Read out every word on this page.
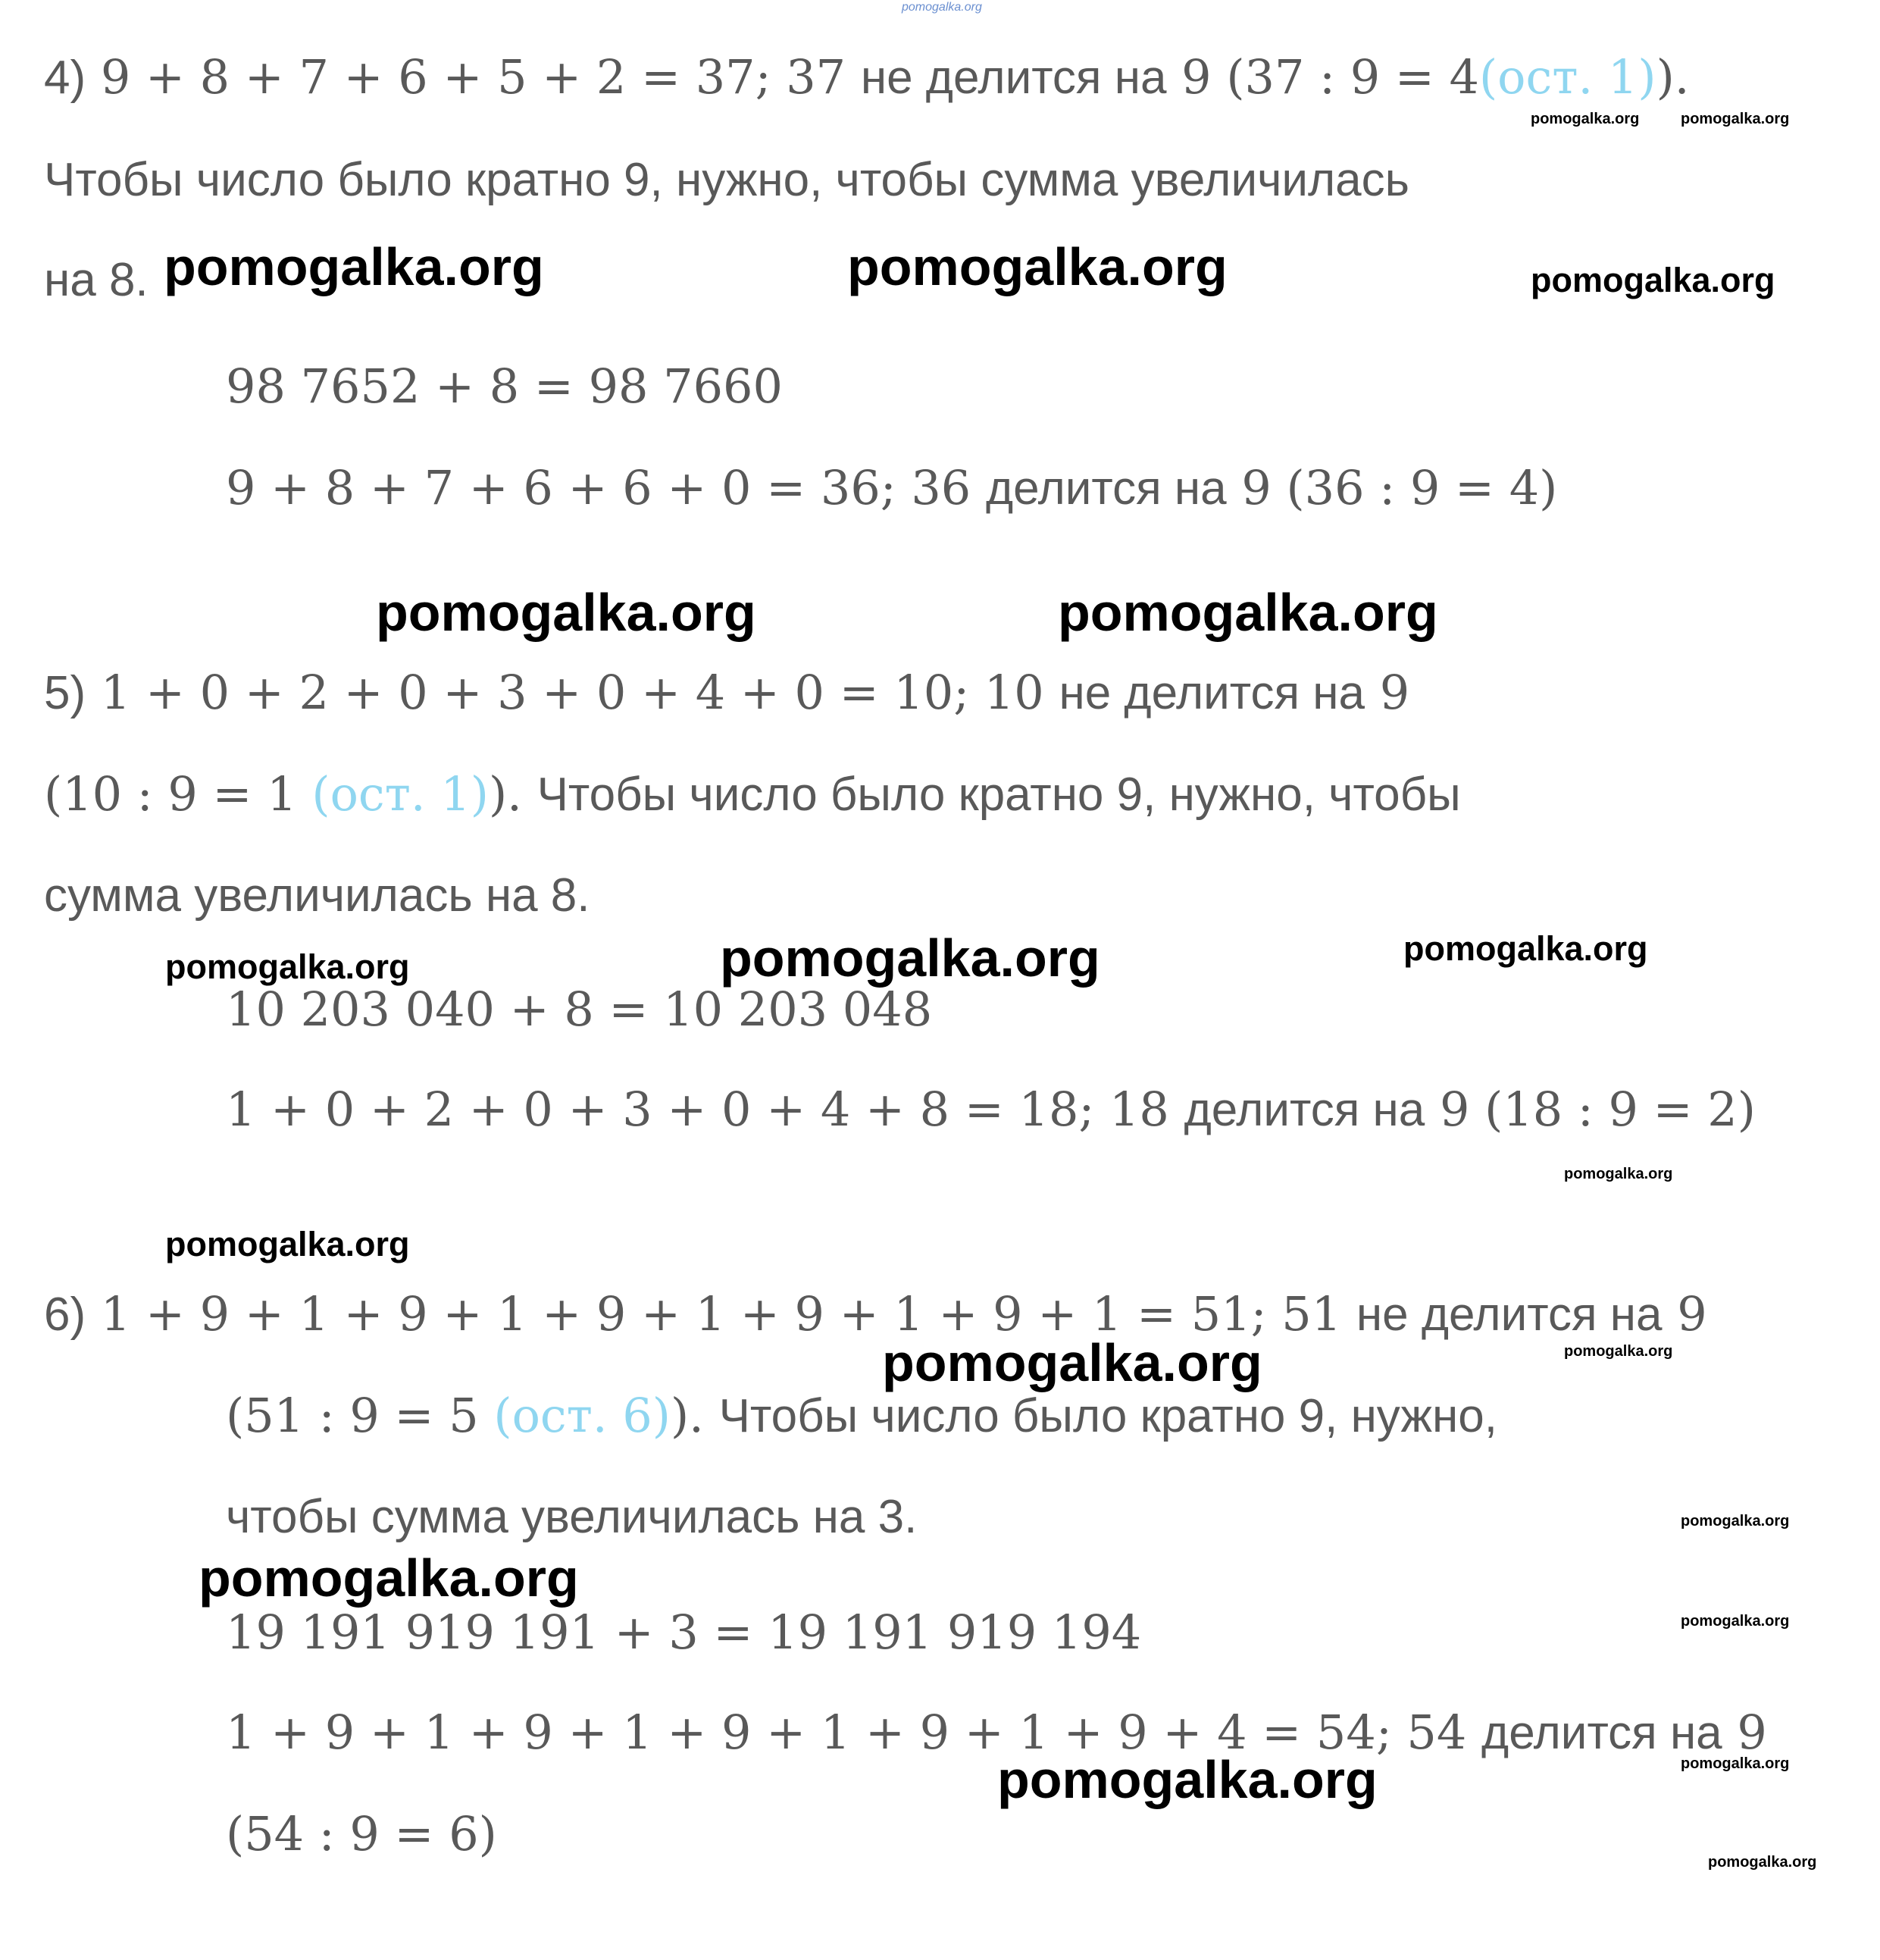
pomogalka.org
4) 9 + 8 + 7 + 6 + 5 + 2 = 37; 37 не делится на 9 (37 : 9 = 4(ост. 1)).
Чтобы число было кратно 9, нужно, чтобы сумма увеличилась
на 8.
98 7652 + 8 = 98 7660
9 + 8 + 7 + 6 + 6 + 0 = 36; 36 делится на 9 (36 : 9 = 4)
5) 1 + 0 + 2 + 0 + 3 + 0 + 4 + 0 = 10; 10 не делится на 9
(10 : 9 = 1 (ост. 1)). Чтобы число было кратно 9, нужно, чтобы
сумма увеличилась на 8.
10 203 040 + 8 = 10 203 048
1 + 0 + 2 + 0 + 3 + 0 + 4 + 8 = 18; 18 делится на 9 (18 : 9 = 2)
6) 1 + 9 + 1 + 9 + 1 + 9 + 1 + 9 + 1 + 9 + 1 = 51; 51 не делится на 9
(51 : 9 = 5 (ост. 6)). Чтобы число было кратно 9, нужно,
чтобы сумма увеличилась на 3.
19 191 919 191 + 3 = 19 191 919 194
1 + 9 + 1 + 9 + 1 + 9 + 1 + 9 + 1 + 9 + 4 = 54; 54 делится на 9
(54 : 9 = 6)
pomogalka.org	pomogalka.org
pomogalka.org	pomogalka.org	pomogalka.org
pomogalka.org	pomogalka.org
pomogalka.org	pomogalka.org	pomogalka.org
pomogalka.org
pomogalka.org
pomogalka.org	pomogalka.org
pomogalka.org
pomogalka.org
pomogalka.org
pomogalka.org	pomogalka.org
pomogalka.org
